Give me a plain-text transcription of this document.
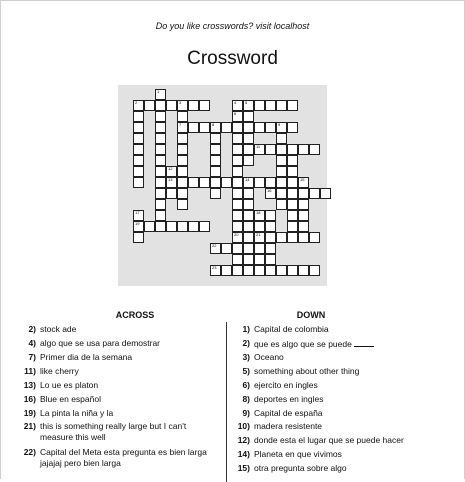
Do you like crosswords? visit localhost
Crossword
1
2	3
7
4 5
6
20
8	9
11
12
13	14	15
16
17
19
18
21
22
23
ACROSS	DOWN
2) stock ade
4) algo que se usa para demostrar
7) Primer dia de la semana
11) like cherry
13) Lo ue es platon
16) Blue en español
19) La pinta la niña y la
21) this is something really large but I can't measure this well
22) Capital del Meta esta pregunta es bien larga jajajaj pero bien larga
1) Capital de colombia
2) que es algo que se puede
3) Oceano
5) something about other thing
6) ejercito en ingles
8) deportes en ingles
9) Capital de españa
10) madera resistente
12) donde esta el lugar que se puede hacer
14) Planeta en que vivimos
15) otra pregunta sobre algo
